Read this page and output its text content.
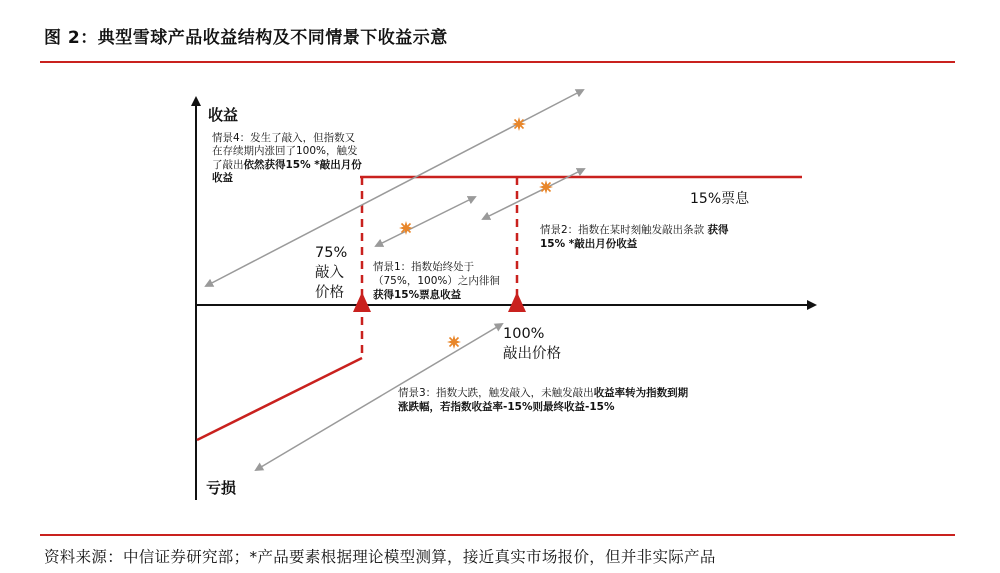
图 2：典型雪球产品收益结构及不同情景下收益示意
收益
亏损
75%
敲入
价格
100%
敲出价格
15%票息
情景4：发生了敲入，但指数又
在存续期内涨回了100%，触发
了敲出依然获得15% *敲出月份
收益
情景2：指数在某时刻触发敲出条款 获得
15% *敲出月份收益
情景1：指数始终处于
（75%，100%）之内徘徊
获得15%票息收益
情景3：指数大跌，触发敲入，未触发敲出收益率转为指数到期
涨跌幅，若指数收益率-15%则最终收益-15%
资料来源：中信证券研究部；*产品要素根据理论模型测算，接近真实市场报价，但并非实际产品
